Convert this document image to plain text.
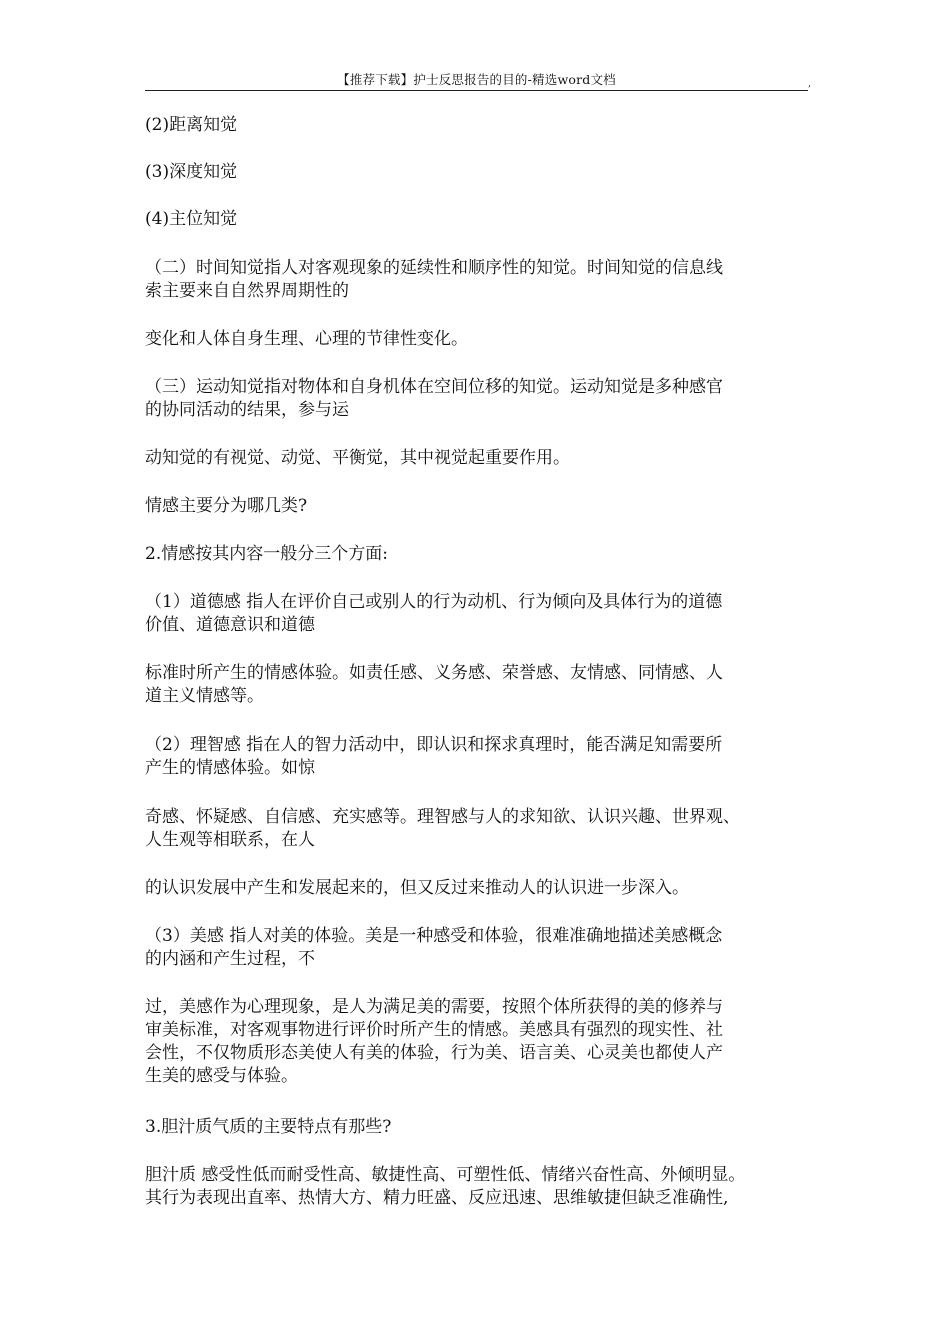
【推荐下载】护士反思报告的目的-精选word文档	,

(2)距离知觉

(3)深度知觉

(4)主位知觉

（二）时间知觉指人对客观现象的延续性和顺序性的知觉。时间知觉的信息线
索主要来自自然界周期性的

变化和人体自身生理、心理的节律性变化。

（三）运动知觉指对物体和自身机体在空间位移的知觉。运动知觉是多种感官
的协同活动的结果，参与运

动知觉的有视觉、动觉、平衡觉，其中视觉起重要作用。

情感主要分为哪几类?

2.情感按其内容一般分三个方面:

（1）道德感 指人在评价自己或别人的行为动机、行为倾向及具体行为的道德
价值、道德意识和道德

标准时所产生的情感体验。如责任感、义务感、荣誉感、友情感、同情感、人
道主义情感等。

（2）理智感 指在人的智力活动中，即认识和探求真理时，能否满足知需要所
产生的情感体验。如惊

奇感、怀疑感、自信感、充实感等。理智感与人的求知欲、认识兴趣、世界观、
人生观等相联系，在人

的认识发展中产生和发展起来的，但又反过来推动人的认识进一步深入。

（3）美感 指人对美的体验。美是一种感受和体验，很难准确地描述美感概念
的内涵和产生过程，不

过，美感作为心理现象，是人为满足美的需要，按照个体所获得的美的修养与
审美标准，对客观事物进行评价时所产生的情感。美感具有强烈的现实性、社
会性，不仅物质形态美使人有美的体验，行为美、语言美、心灵美也都使人产
生美的感受与体验。

3.胆汁质气质的主要特点有那些?

胆汁质 感受性低而耐受性高、敏捷性高、可塑性低、情绪兴奋性高、外倾明显。
其行为表现出直率、热情大方、精力旺盛、反应迅速、思维敏捷但缺乏准确性,
